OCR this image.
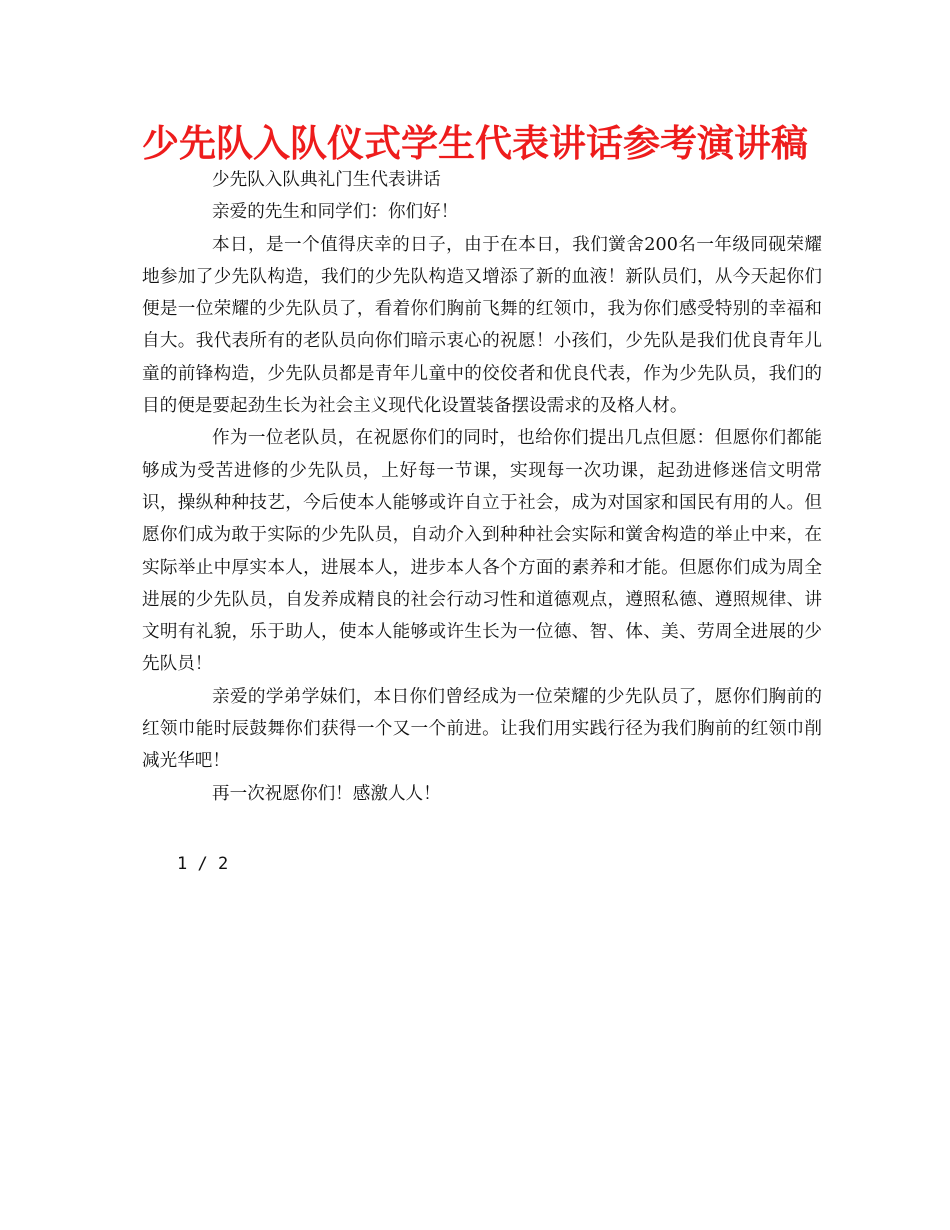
少先队入队仪式学生代表讲话参考演讲稿

少先队入队典礼门生代表讲话

亲爱的先生和同学们：你们好！

本日，是一个值得庆幸的日子，由于在本日，我们黉舍200名一年级同砚荣耀地参加了少先队构造，我们的少先队构造又增添了新的血液！新队员们，从今天起你们便是一位荣耀的少先队员了，看着你们胸前飞舞的红领巾，我为你们感受特别的幸福和自大。我代表所有的老队员向你们暗示衷心的祝愿！小孩们，少先队是我们优良青年儿童的前锋构造，少先队员都是青年儿童中的佼佼者和优良代表，作为少先队员，我们的目的便是要起劲生长为社会主义现代化设置装备摆设需求的及格人材。

作为一位老队员，在祝愿你们的同时，也给你们提出几点但愿：但愿你们都能够成为受苦进修的少先队员，上好每一节课，实现每一次功课，起劲进修迷信文明常识，操纵种种技艺，今后使本人能够或许自立于社会，成为对国家和国民有用的人。但愿你们成为敢于实际的少先队员，自动介入到种种社会实际和黉舍构造的举止中来，在实际举止中厚实本人，进展本人，进步本人各个方面的素养和才能。但愿你们成为周全进展的少先队员，自发养成精良的社会行动习性和道德观点，遵照私德、遵照规律、讲文明有礼貌，乐于助人，使本人能够或许生长为一位德、智、体、美、劳周全进展的少先队员！

亲爱的学弟学妹们，本日你们曾经成为一位荣耀的少先队员了，愿你们胸前的红领巾能时辰鼓舞你们获得一个又一个前进。让我们用实践行径为我们胸前的红领巾削减光华吧！

再一次祝愿你们！感激人人！

1 / 2
